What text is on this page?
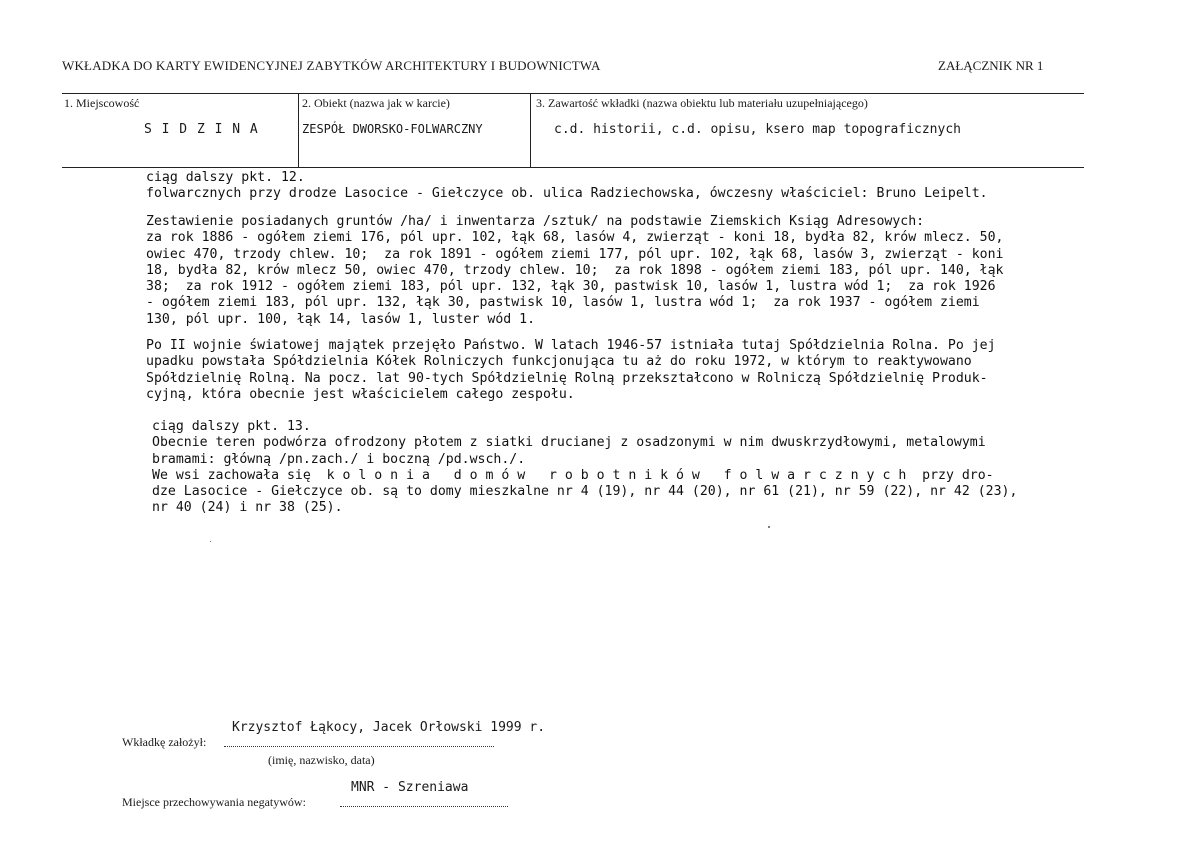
WKŁADKA DO KARTY EWIDENCYJNEJ ZABYTKÓW ARCHITEKTURY I BUDOWNICTWA	ZAŁĄCZNIK NR 1
1. Miejscowość
S I D Z I N A
2. Obiekt (nazwa jak w karcie)
ZESPÓŁ DWORSKO-FOLWARCZNY
3. Zawartość wkładki (nazwa obiektu lub materiału uzupełniającego)
c.d. historii, c.d. opisu, ksero map topograficznych
ciąg dalszy pkt. 12.
folwarcznych przy drodze Lasocice - Giełczyce ob. ulica Radziechowska, ówczesny właściciel: Bruno Leipelt.
Zestawienie posiadanych gruntów /ha/ i inwentarza /sztuk/ na podstawie Ziemskich Ksiąg Adresowych:
za rok 1886 - ogółem ziemi 176, pól upr. 102, łąk 68, lasów 4, zwierząt - koni 18, bydła 82, krów mlecz. 50,
owiec 470, trzody chlew. 10;  za rok 1891 - ogółem ziemi 177, pól upr. 102, łąk 68, lasów 3, zwierząt - koni
18, bydła 82, krów mlecz 50, owiec 470, trzody chlew. 10;  za rok 1898 - ogółem ziemi 183, pól upr. 140, łąk
38;  za rok 1912 - ogółem ziemi 183, pól upr. 132, łąk 30, pastwisk 10, lasów 1, lustra wód 1;  za rok 1926
- ogółem ziemi 183, pól upr. 132, łąk 30, pastwisk 10, lasów 1, lustra wód 1;  za rok 1937 - ogółem ziemi
130, pól upr. 100, łąk 14, lasów 1, luster wód 1.
Po II wojnie światowej majątek przejęło Państwo. W latach 1946-57 istniała tutaj Spółdzielnia Rolna. Po jej
upadku powstała Spółdzielnia Kółek Rolniczych funkcjonująca tu aż do roku 1972, w którym to reaktywowano
Spółdzielnię Rolną. Na pocz. lat 90-tych Spółdzielnię Rolną przekształcono w Rolniczą Spółdzielnię Produk-
cyjną, która obecnie jest właścicielem całego zespołu.
ciąg dalszy pkt. 13.
Obecnie teren podwórza ofrodzony płotem z siatki drucianej z osadzonymi w nim dwuskrzydłowymi, metalowymi
bramami: główną /pn.zach./ i boczną /pd.wsch./.
We wsi zachowała się  k o l o n i a   d o m ó w   r o b o t n i k ó w   f o l w a r c z n y c h  przy dro-
dze Lasocice - Giełczyce ob. są to domy mieszkalne nr 4 (19), nr 44 (20), nr 61 (21), nr 59 (22), nr 42 (23),
nr 40 (24) i nr 38 (25).
Krzysztof Łąkocy, Jacek Orłowski 1999 r.
Wkładkę założył:
(imię, nazwisko, data)
MNR - Szreniawa
Miejsce przechowywania negatywów:
